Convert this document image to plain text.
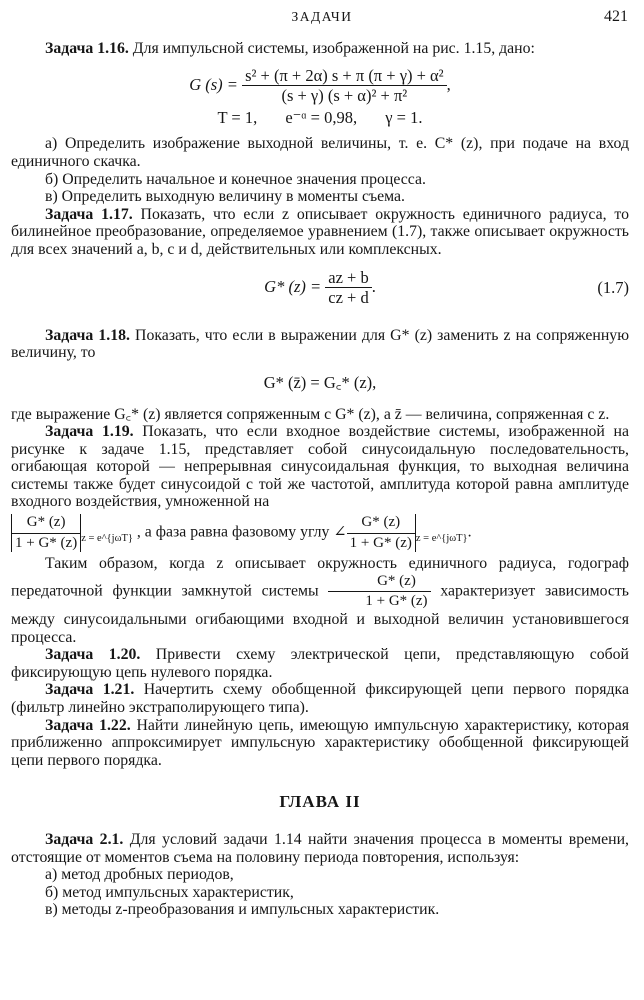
ЗАДАЧИ	421

Задача 1.16. Для импульсной системы, изображенной на рис. 1.15, дано:

G $(s) = \frac{\text{s² + (π + 2α) s + π (π + γ) + α²}}{\text{(s + γ) (s + α)² + π²}}$ ,
T = 1, e⁻ᵅ = 0,98, γ = 1.

а) Определить изображение выходной величины, т. е. C* (z), при подаче на вход единичного скачка.

б) Определить начальное и конечное значения процесса.

в) Определить выходную величину в моменты съема.

Задача 1.17. Показать, что если z описывает окружность единичного радиуса, то билинейное преобразование, определяемое уравнением (1.7), также описывает окружность для всех значений a, b, c и d, действительных или комплексных.

G* $(z) = \frac{az + b}{cz + d}$ .	(1.7)

Задача 1.18. Показать, что если в выражении для G* (z) заменить z на сопряженную величину, то

G* (z̄) = G꜀* (z),

где выражение G꜀* (z) является сопряженным с G* (z), а z̄ — величина, сопряженная с z.

Задача 1.19. Показать, что если входное воздействие системы, изображенной на рисунке к задаче 1.15, представляет собой синусоидальную последовательность, огибающая которой — непрерывная синусоидальная функция, то выходная величина системы также будет синусоидой с той же частотой, амплитуда которой равна амплитуде входного воздействия, умноженной на

$\frac{G* (z)}{1 + G* (z)} _{z = e\^{}\{j\omega T\}}$ , а фаза равна фазовому углу ∠ $\frac{G* (z)}{1 + G* (z)} _{z = e\^{}\{j\omega T\}}$.

Таким образом, когда z описывает окружность единичного радиуса, годограф передаточной функции замкнутой системы $\frac{G* (z)}{1 + G* (z)}$ характеризует зависимость между синусоидальными огибающими входной и выходной величин установившегося процесса.

Задача 1.20. Привести схему электрической цепи, представляющую собой фиксирующую цепь нулевого порядка.

Задача 1.21. Начертить схему обобщенной фиксирующей цепи первого порядка (фильтр линейно экстраполирующего типа).

Задача 1.22. Найти линейную цепь, имеющую импульсную характеристику, которая приближенно аппроксимирует импульсную характеристику обобщенной фиксирующей цепи первого порядка.

ГЛАВА II

Задача 2.1. Для условий задачи 1.14 найти значения процесса в моменты времени, отстоящие от моментов съема на половину периода повторения, используя:

а) метод дробных периодов,

б) метод импульсных характеристик,

в) методы z-преобразования и импульсных характеристик.
